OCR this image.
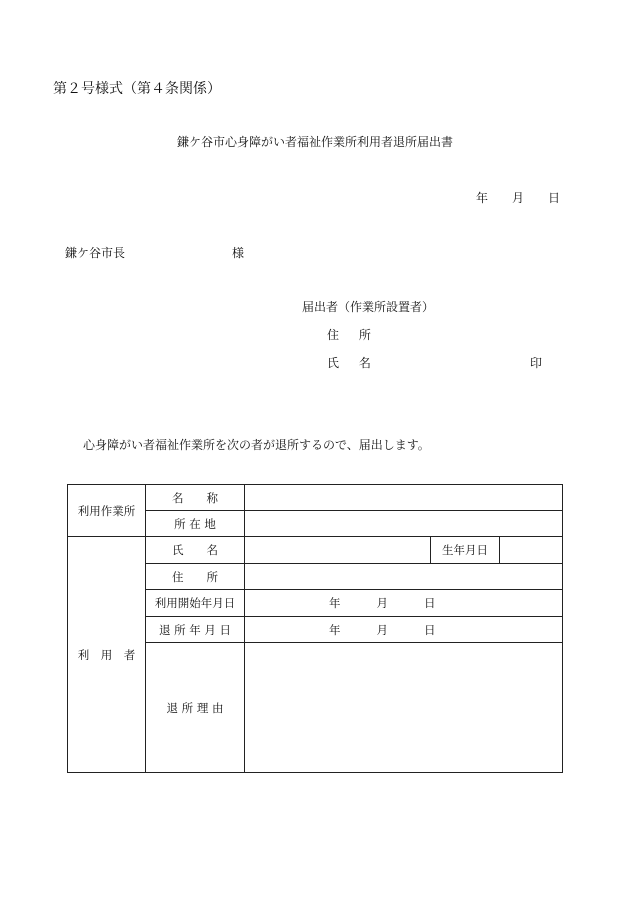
第２号様式（第４条関係）
鎌ケ谷市心身障がい者福祉作業所利用者退所届出書
年 月 日
鎌ケ谷市長	様
届出者（作業所設置者）
住 所
氏 名	印
心身障がい者福祉作業所を次の者が退所するので、届出します。
利用作業所	名　　称			
	所 在 地			
利　用　者	氏　　名		生年月日	
	住　　所			
	利用開始年月日	年 月 日		
	退 所 年 月 日	年 月 日		
	退 所 理 由			
